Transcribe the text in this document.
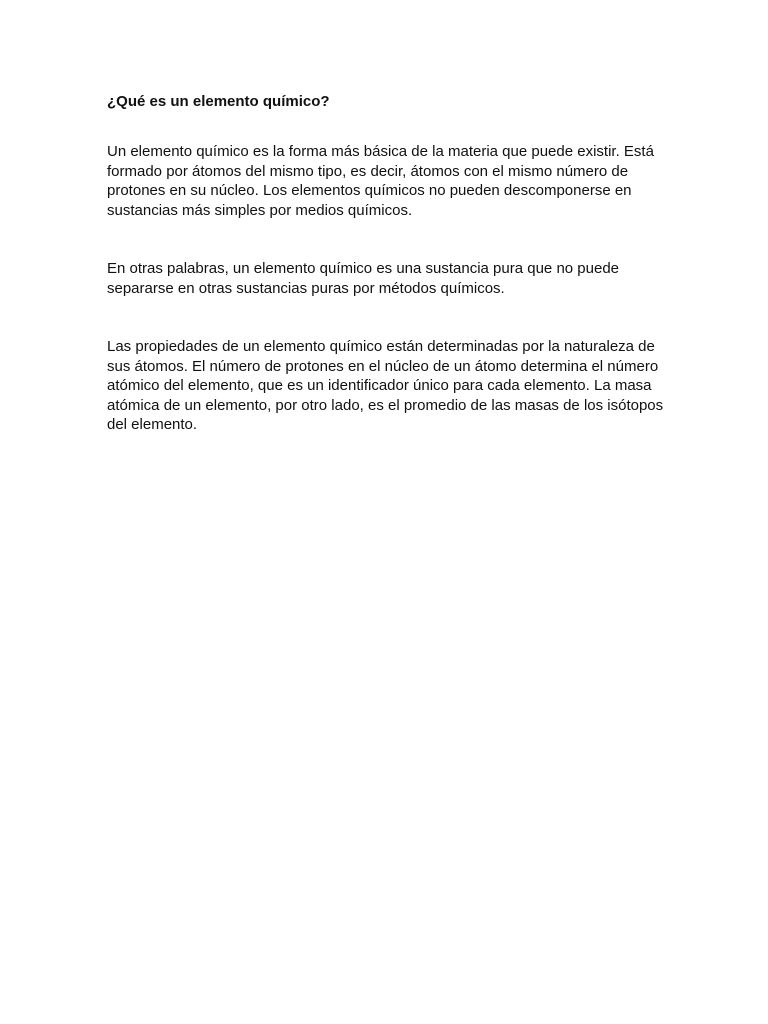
¿Qué es un elemento químico?

Un elemento químico es la forma más básica de la materia que puede existir. Está formado por átomos del mismo tipo, es decir, átomos con el mismo número de protones en su núcleo. Los elementos químicos no pueden descomponerse en sustancias más simples por medios químicos.

En otras palabras, un elemento químico es una sustancia pura que no puede separarse en otras sustancias puras por métodos químicos.

Las propiedades de un elemento químico están determinadas por la naturaleza de sus átomos. El número de protones en el núcleo de un átomo determina el número atómico del elemento, que es un identificador único para cada elemento. La masa atómica de un elemento, por otro lado, es el promedio de las masas de los isótopos del elemento.
